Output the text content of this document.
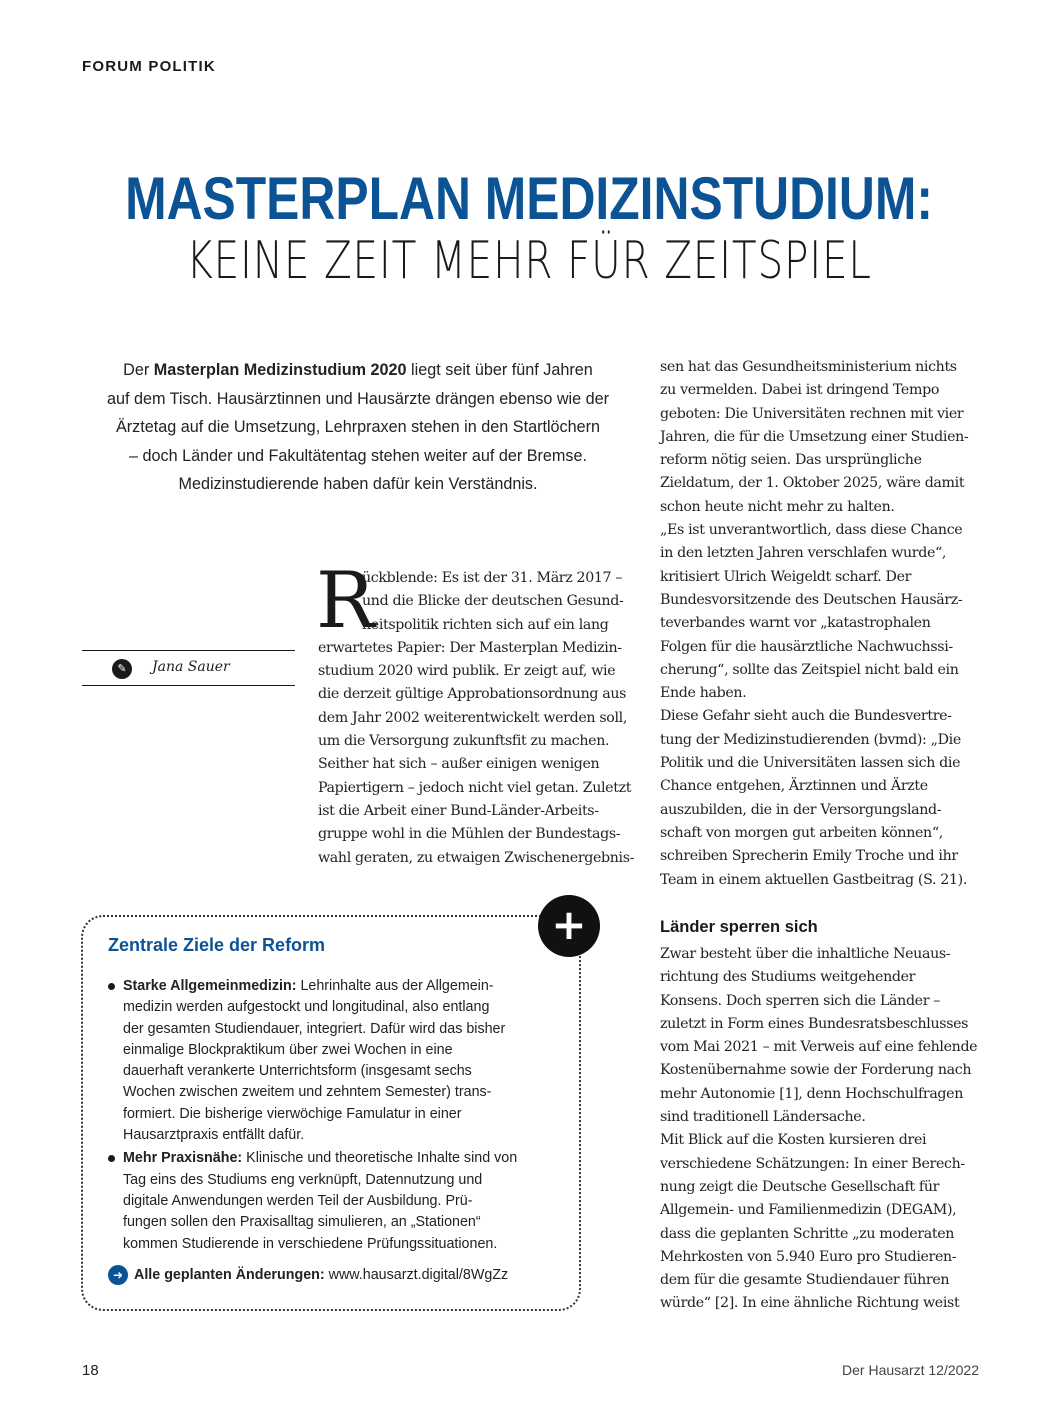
FORUM POLITIK
MASTERPLAN MEDIZINSTUDIUM:
KEINE ZEIT MEHR FÜR ZEITSPIEL

Der Masterplan Medizinstudium 2020 liegt seit über fünf Jahren

auf dem Tisch. Hausärztinnen und Hausärzte drängen ebenso wie der

Ärztetag auf die Umsetzung, Lehrpraxen stehen in den Startlöchern

– doch Länder und Fakultätentag stehen weiter auf der Bremse.

Medizinstudierende haben dafür kein Verständnis.

✎	Jana Sauer
R

ückblende: Es ist der 31. März 2017 –

und die Blicke der deutschen Gesund-

heitspolitik richten sich auf ein lang

erwartetes Papier: Der Masterplan Medizin-

studium 2020 wird publik. Er zeigt auf, wie

die derzeit gültige Approbationsordnung aus

dem Jahr 2002 weiterentwickelt werden soll,

um die Versorgung zukunftsfit zu machen.

Seither hat sich – außer einigen wenigen

Papiertigern – jedoch nicht viel getan. Zuletzt

ist die Arbeit einer Bund-Länder-Arbeits-

gruppe wohl in die Mühlen der Bundestags-

wahl geraten, zu etwaigen Zwischenergebnis-

sen hat das Gesundheitsministerium nichts

zu vermelden. Dabei ist dringend Tempo

geboten: Die Universitäten rechnen mit vier

Jahren, die für die Umsetzung einer Studien-

reform nötig seien. Das ursprüngliche

Zieldatum, der 1. Oktober 2025, wäre damit

schon heute nicht mehr zu halten.

„Es ist unverantwortlich, dass diese Chance

in den letzten Jahren verschlafen wurde“,

kritisiert Ulrich Weigeldt scharf. Der

Bundesvorsitzende des Deutschen Hausärz-

teverbandes warnt vor „katastrophalen

Folgen für die hausärztliche Nachwuchssi-

cherung“, sollte das Zeitspiel nicht bald ein

Ende haben.

Diese Gefahr sieht auch die Bundesvertre-

tung der Medizinstudierenden (bvmd): „Die

Politik und die Universitäten lassen sich die

Chance entgehen, Ärztinnen und Ärzte

auszubilden, die in der Versorgungsland-

schaft von morgen gut arbeiten können“,

schreiben Sprecherin Emily Troche und ihr

Team in einem aktuellen Gastbeitrag (S. 21).

Länder sperren sich

Zwar besteht über die inhaltliche Neuaus-

richtung des Studiums weitgehender

Konsens. Doch sperren sich die Länder –

zuletzt in Form eines Bundesratsbeschlusses

vom Mai 2021 – mit Verweis auf eine fehlende

Kostenübernahme sowie der Forderung nach

mehr Autonomie [1], denn Hochschulfragen

sind traditionell Ländersache.

Mit Blick auf die Kosten kursieren drei

verschiedene Schätzungen: In einer Berech-

nung zeigt die Deutsche Gesellschaft für

Allgemein- und Familienmedizin (DEGAM),

dass die geplanten Schritte „zu moderaten

Mehrkosten von 5.940 Euro pro Studieren-

dem für die gesamte Studiendauer führen

würde“ [2]. In eine ähnliche Richtung weist

+
Zentrale Ziele der Reform

Starke Allgemeinmedizin: Lehrinhalte aus der Allgemein-

medizin werden aufgestockt und longitudinal, also entlang

der gesamten Studiendauer, integriert. Dafür wird das bisher

einmalige Blockpraktikum über zwei Wochen in eine

dauerhaft verankerte Unterrichtsform (insgesamt sechs

Wochen zwischen zweitem und zehntem Semester) trans-

formiert. Die bisherige vierwöchige Famulatur in einer

Hausarztpraxis entfällt dafür.

Mehr Praxisnähe: Klinische und theoretische Inhalte sind von

Tag eins des Studiums eng verknüpft, Datennutzung und

digitale Anwendungen werden Teil der Ausbildung. Prü-

fungen sollen den Praxisalltag simulieren, an „Stationen“

kommen Studierende in verschiedene Prüfungssituationen.

➜ Alle geplanten Änderungen: www.hausarzt.digital/8WgZz
18	Der Hausarzt 12/2022
